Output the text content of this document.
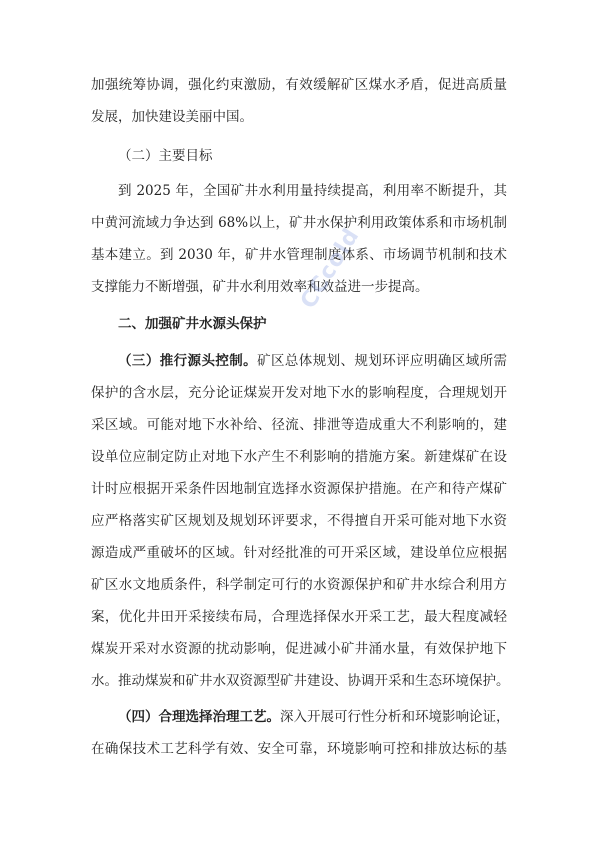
加强统筹协调，强化约束激励，有效缓解矿区煤水矛盾，促进高质量
发展，加快建设美丽中国。
（二）主要目标
到 2025 年，全国矿井水利用量持续提高，利用率不断提升，其
中黄河流域力争达到 68%以上，矿井水保护利用政策体系和市场机制
基本建立。到 2030 年，矿井水管理制度体系、市场调节机制和技术
支撑能力不断增强，矿井水利用效率和效益进一步提高。
二、加强矿井水源头保护
（三）推行源头控制。矿区总体规划、规划环评应明确区域所需
保护的含水层，充分论证煤炭开发对地下水的影响程度，合理规划开
采区域。可能对地下水补给、径流、排泄等造成重大不利影响的，建
设单位应制定防止对地下水产生不利影响的措施方案。新建煤矿在设
计时应根据开采条件因地制宜选择水资源保护措施。在产和待产煤矿
应严格落实矿区规划及规划环评要求，不得擅自开采可能对地下水资
源造成严重破坏的区域。针对经批准的可开采区域，建设单位应根据
矿区水文地质条件，科学制定可行的水资源保护和矿井水综合利用方
案，优化井田开采接续布局，合理选择保水开采工艺，最大程度减轻
煤炭开采对水资源的扰动影响，促进减小矿井涌水量，有效保护地下
水。推动煤炭和矿井水双资源型矿井建设、协调开采和生态环境保护。
（四）合理选择治理工艺。深入开展可行性分析和环境影响论证，
在确保技术工艺科学有效、安全可靠，环境影响可控和排放达标的基
CCcold
